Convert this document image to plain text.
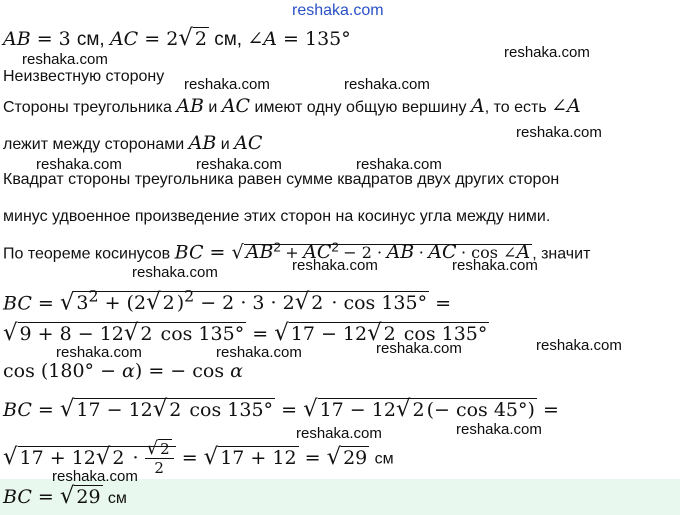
reshaka.com
AB = 3 см, AC = 2√ 2 см, ∠A = 135°
Неизвестную сторону
Стороны треугольника AB и AC имеют одну общую вершину A, то есть ∠A
лежит между сторонами AB и AC
Квадрат стороны треугольника равен сумме квадратов двух других сторон
минус удвоенное произведение этих сторон на косинус угла между ними.
По теореме косинусов BC = √ $AB^2 + AC^2 - 2$ · AB · AC · cos ∠A , значит
BC = √ $3^2 + (2√$ 2 )$^2$ − 2 · 3 · 2√ 2 · cos 135° =
√ 9 + 8 − 12√ 2 cos 135° = √ 17 − 12√ 2 cos 135°
cos (180° − α) = − cos α
BC = √ 17 − 12√ 2 cos 135° = √ 17 − 12√ 2 (− cos 45°) =
√ 17 + 12√ $2 \cdot \frac{√ 2}{2}$ = √ 17 + 12 = √ 29 см
BC = √ 29 см
reshaka.com	reshaka.com
reshaka.com	reshaka.com
reshaka.com
reshaka.com	reshaka.com	reshaka.com
reshaka.com	reshaka.com	reshaka.com
reshaka.com	reshaka.com	reshaka.com	reshaka.com
reshaka.com	reshaka.com
reshaka.com
